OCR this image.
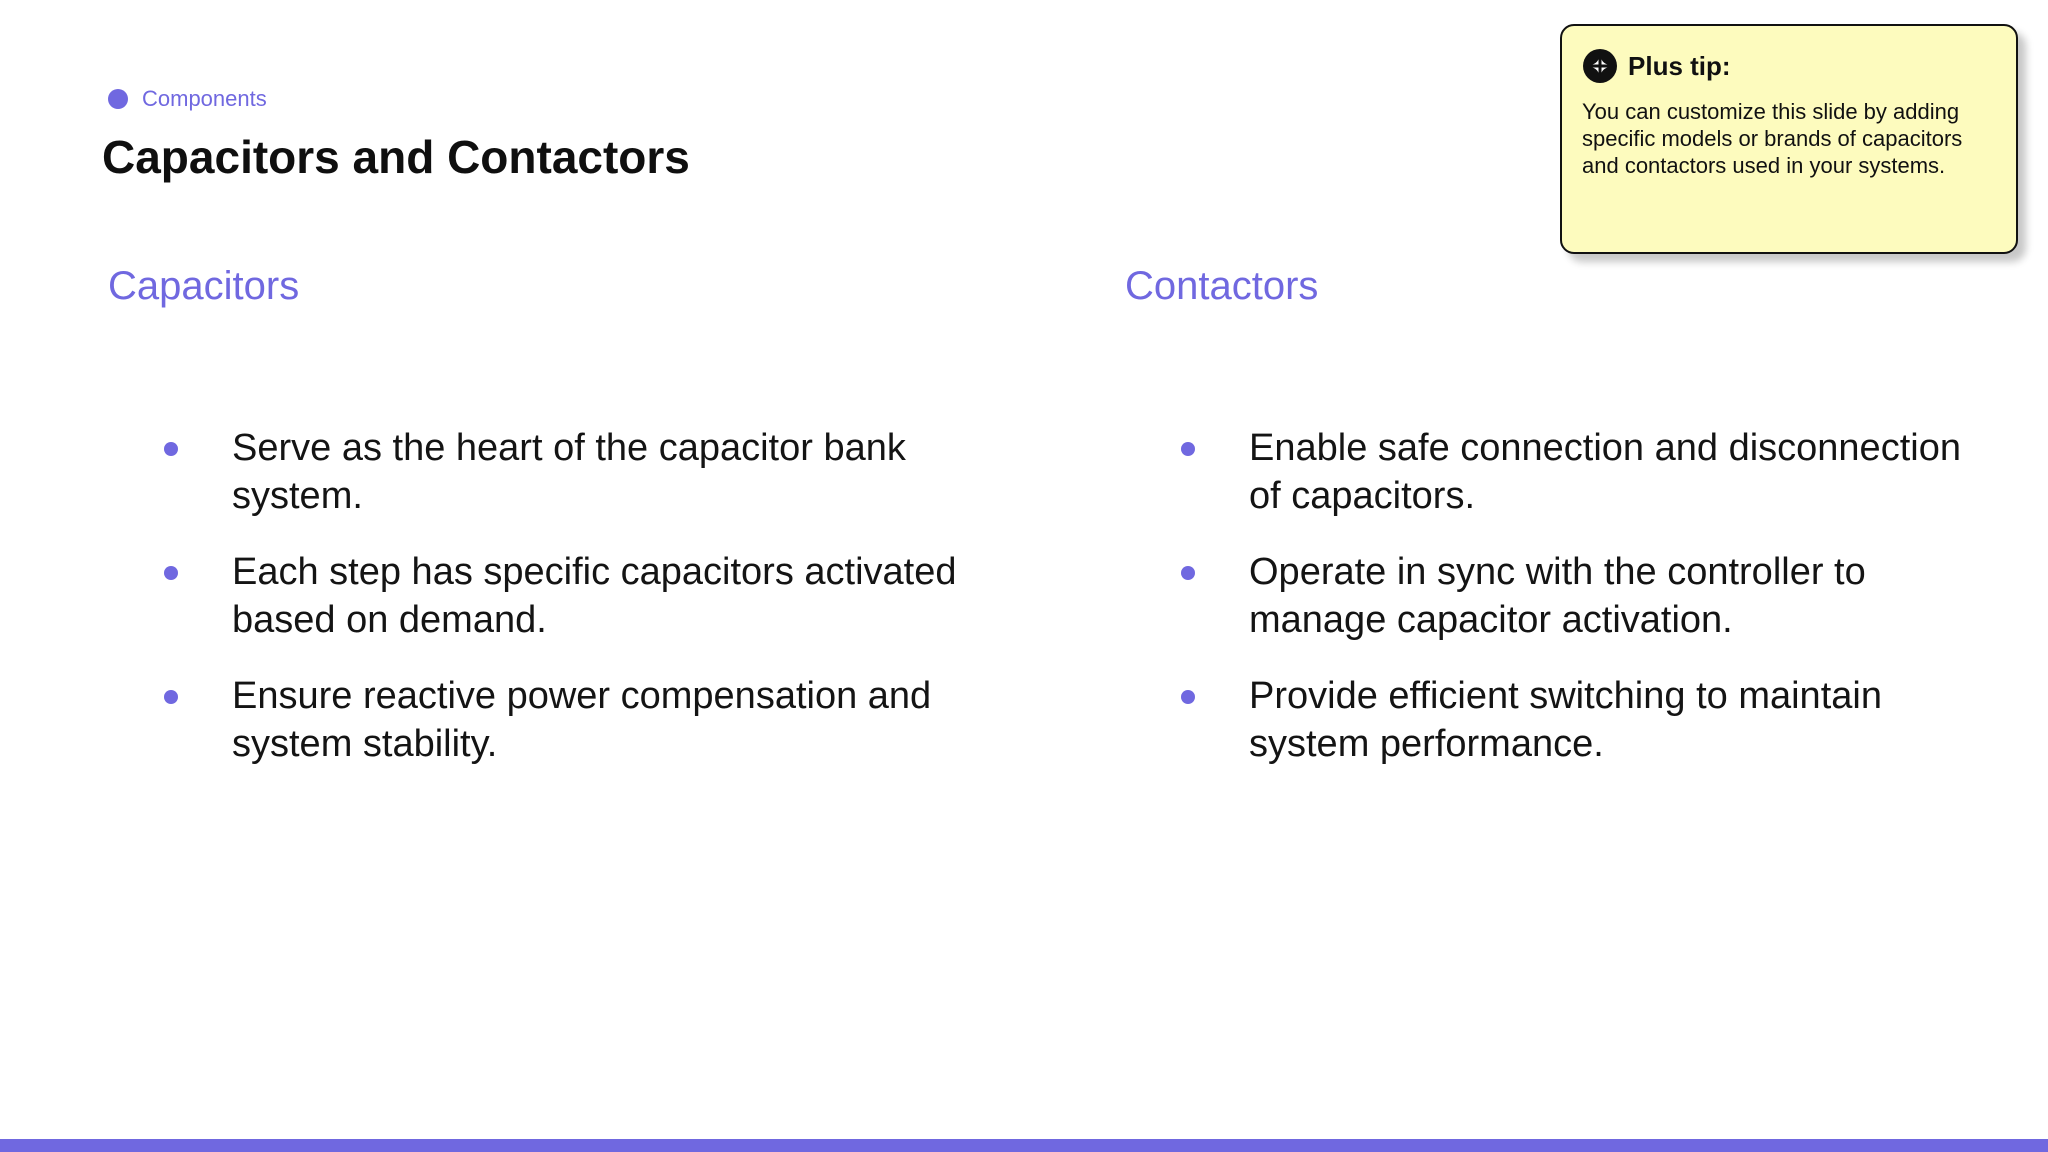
Components
Capacitors and Contactors
Capacitors
Serve as the heart of the capacitor bank system.
Each step has specific capacitors activated based on demand.
Ensure reactive power compensation and system stability.
Contactors
Enable safe connection and disconnection of capacitors.
Operate in sync with the controller to manage capacitor activation.
Provide efficient switching to maintain system performance.
Plus tip:
You can customize this slide by adding specific models or brands of capacitors and contactors used in your systems.
